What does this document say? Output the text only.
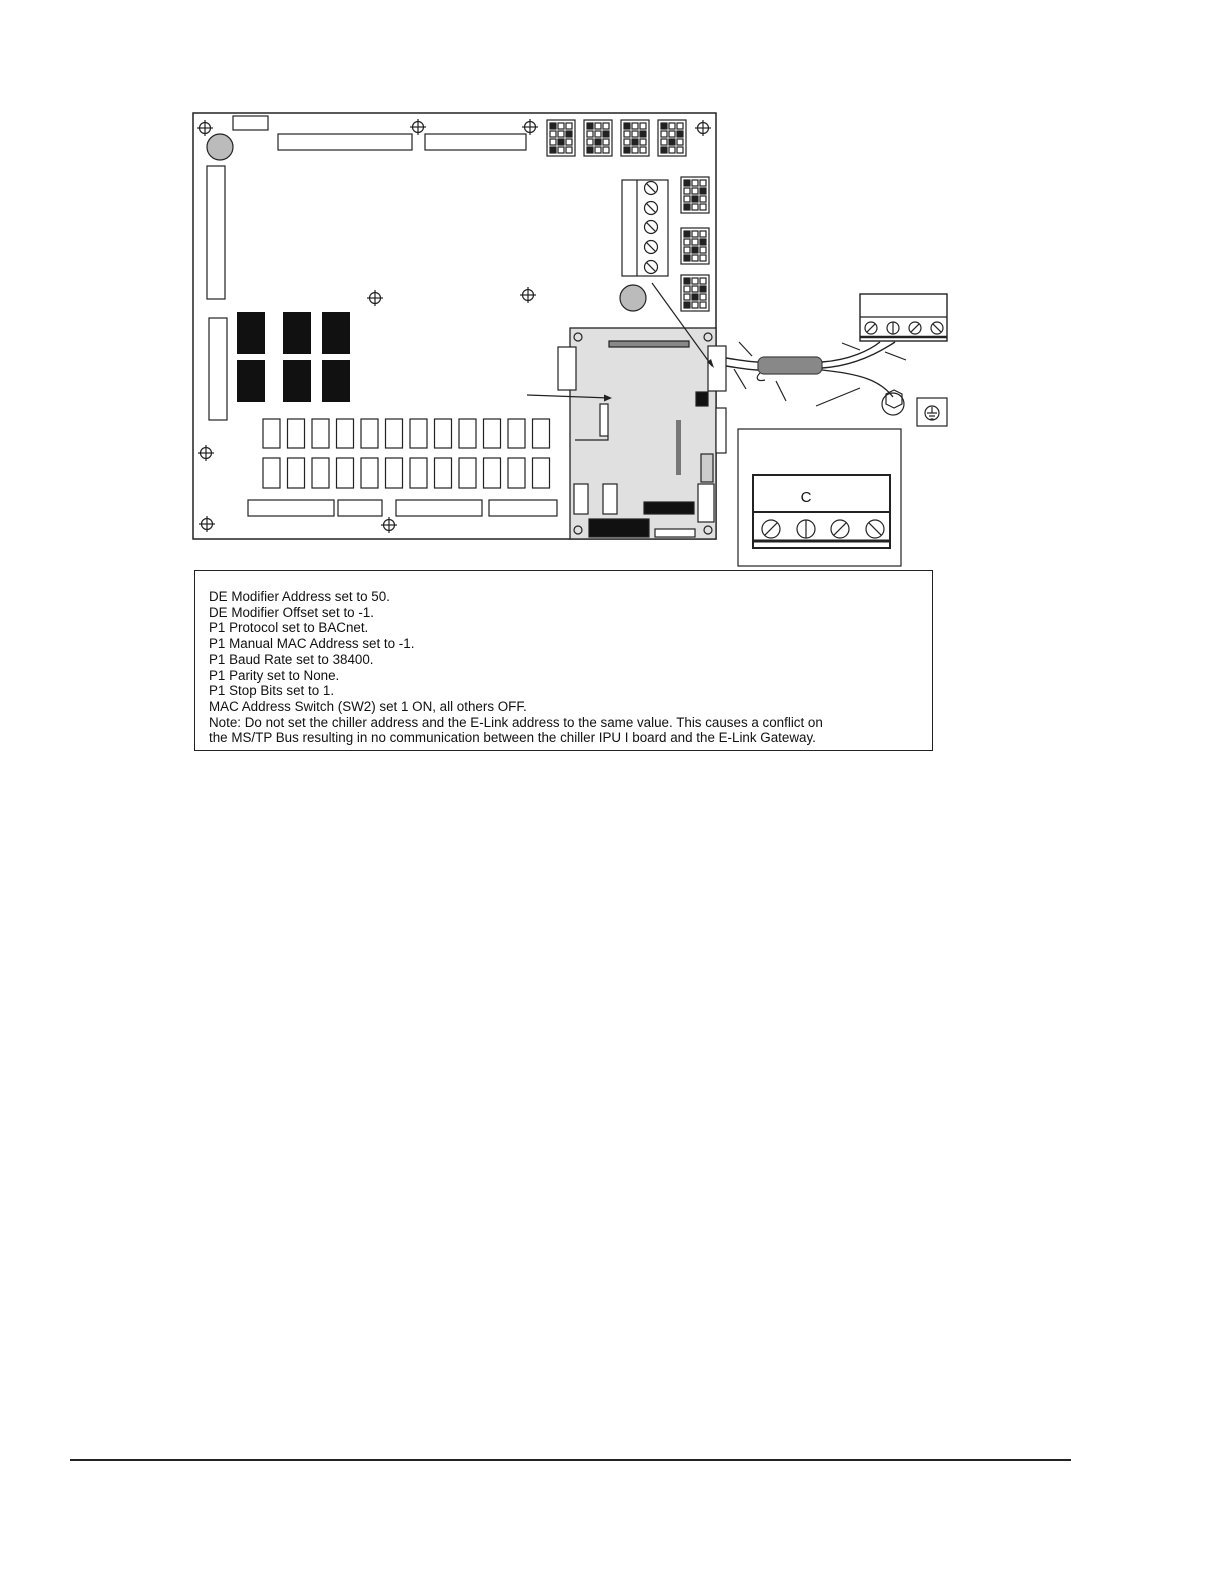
C
DE Modifier Address set to 50.
DE Modifier Offset set to -1.
P1 Protocol set to BACnet.
P1 Manual MAC Address set to -1.
P1 Baud Rate set to 38400.
P1 Parity set to None.
P1 Stop Bits set to 1.
MAC Address Switch (SW2) set 1 ON, all others OFF.
Note: Do not set the chiller address and the E-Link address to the same value. This causes a conflict on
the MS/TP Bus resulting in no communication between the chiller IPU I board and the E-Link Gateway.
